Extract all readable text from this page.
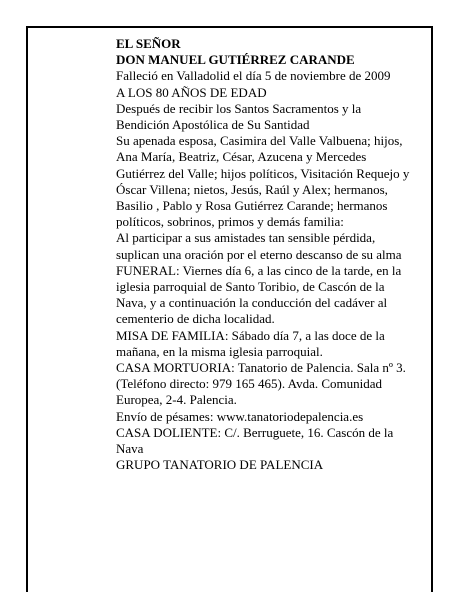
EL SEÑOR
DON MANUEL GUTIÉRREZ CARANDE
Falleció en Valladolid el día 5 de noviembre de 2009
A LOS 80 AÑOS DE EDAD
Después de recibir los Santos Sacramentos y la Bendición Apostólica de Su Santidad
Su apenada esposa, Casimira del Valle Valbuena; hijos, Ana María, Beatriz, César, Azucena y Mercedes Gutiérrez del Valle; hijos políticos, Visitación Requejo y Óscar Villena; nietos, Jesús, Raúl y Alex; hermanos, Basilio , Pablo y Rosa Gutiérrez Carande; hermanos políticos, sobrinos, primos y demás familia:
Al participar a sus amistades tan sensible pérdida, suplican una oración por el eterno descanso de su alma
FUNERAL: Viernes día 6, a las cinco de la tarde, en la iglesia parroquial de Santo Toribio, de Cascón de la Nava, y a continuación la conducción del cadáver al cementerio de dicha localidad.
MISA DE FAMILIA: Sábado día 7, a las doce de la mañana, en la misma iglesia parroquial.
CASA MORTUORIA: Tanatorio de Palencia. Sala nº 3. (Teléfono directo: 979 165 465). Avda. Comunidad Europea, 2-4. Palencia.
Envío de pésames: www.tanatoriodepalencia.es
CASA DOLIENTE: C/. Berruguete, 16. Cascón de la Nava
GRUPO TANATORIO DE PALENCIA
